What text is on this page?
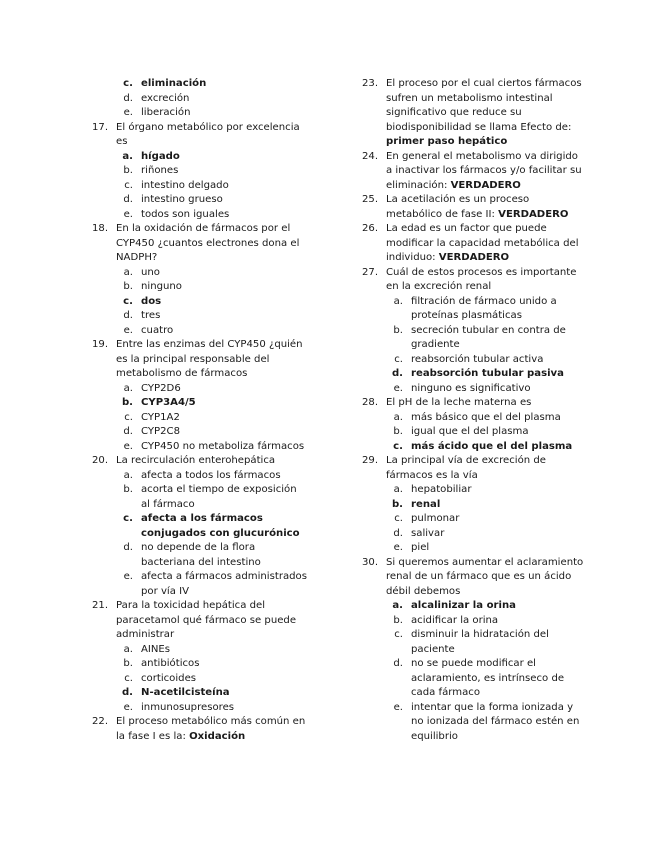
c. eliminación
d. excreción
e. liberación
17. El órgano metabólico por excelencia es
a. hígado
b. riñones
c. intestino delgado
d. intestino grueso
e. todos son iguales
18. En la oxidación de fármacos por el CYP450 ¿cuantos electrones dona el NADPH?
a. uno
b. ninguno
c. dos
d. tres
e. cuatro
19. Entre las enzimas del CYP450 ¿quién es la principal responsable del metabolismo de fármacos
a. CYP2D6
b. CYP3A4/5
c. CYP1A2
d. CYP2C8
e. CYP450 no metaboliza fármacos
20. La recirculación enterohepática
a. afecta a todos los fármacos
b. acorta el tiempo de exposición al fármaco
c. afecta a los fármacos conjugados con glucurónico
d. no depende de la flora bacteriana del intestino
e. afecta a fármacos administrados por vía IV
21. Para la toxicidad hepática del paracetamol qué fármaco se puede administrar
a. AINEs
b. antibióticos
c. corticoides
d. N-acetilcisteína
e. inmunosupresores
22. El proceso metabólico más común en la fase I es la: Oxidación
23. El proceso por el cual ciertos fármacos sufren un metabolismo intestinal significativo que reduce su biodisponibilidad se llama Efecto de: primer paso hepático
24. En general el metabolismo va dirigido a inactivar los fármacos y/o facilitar su eliminación: VERDADERO
25. La acetilación es un proceso metabólico de fase II: VERDADERO
26. La edad es un factor que puede modificar la capacidad metabólica del individuo: VERDADERO
27. Cuál de estos procesos es importante en la excreción renal
a. filtración de fármaco unido a proteínas plasmáticas
b. secreción tubular en contra de gradiente
c. reabsorción tubular activa
d. reabsorción tubular pasiva
e. ninguno es significativo
28. El pH de la leche materna es
a. más básico que el del plasma
b. igual que el del plasma
c. más ácido que el del plasma
29. La principal vía de excreción de fármacos es la vía
a. hepatobiliar
b. renal
c. pulmonar
d. salivar
e. piel
30. Si queremos aumentar el aclaramiento renal de un fármaco que es un ácido débil debemos
a. alcalinizar la orina
b. acidificar la orina
c. disminuir la hidratación del paciente
d. no se puede modificar el aclaramiento, es intrínseco de cada fármaco
e. intentar que la forma ionizada y no ionizada del fármaco estén en equilibrio
